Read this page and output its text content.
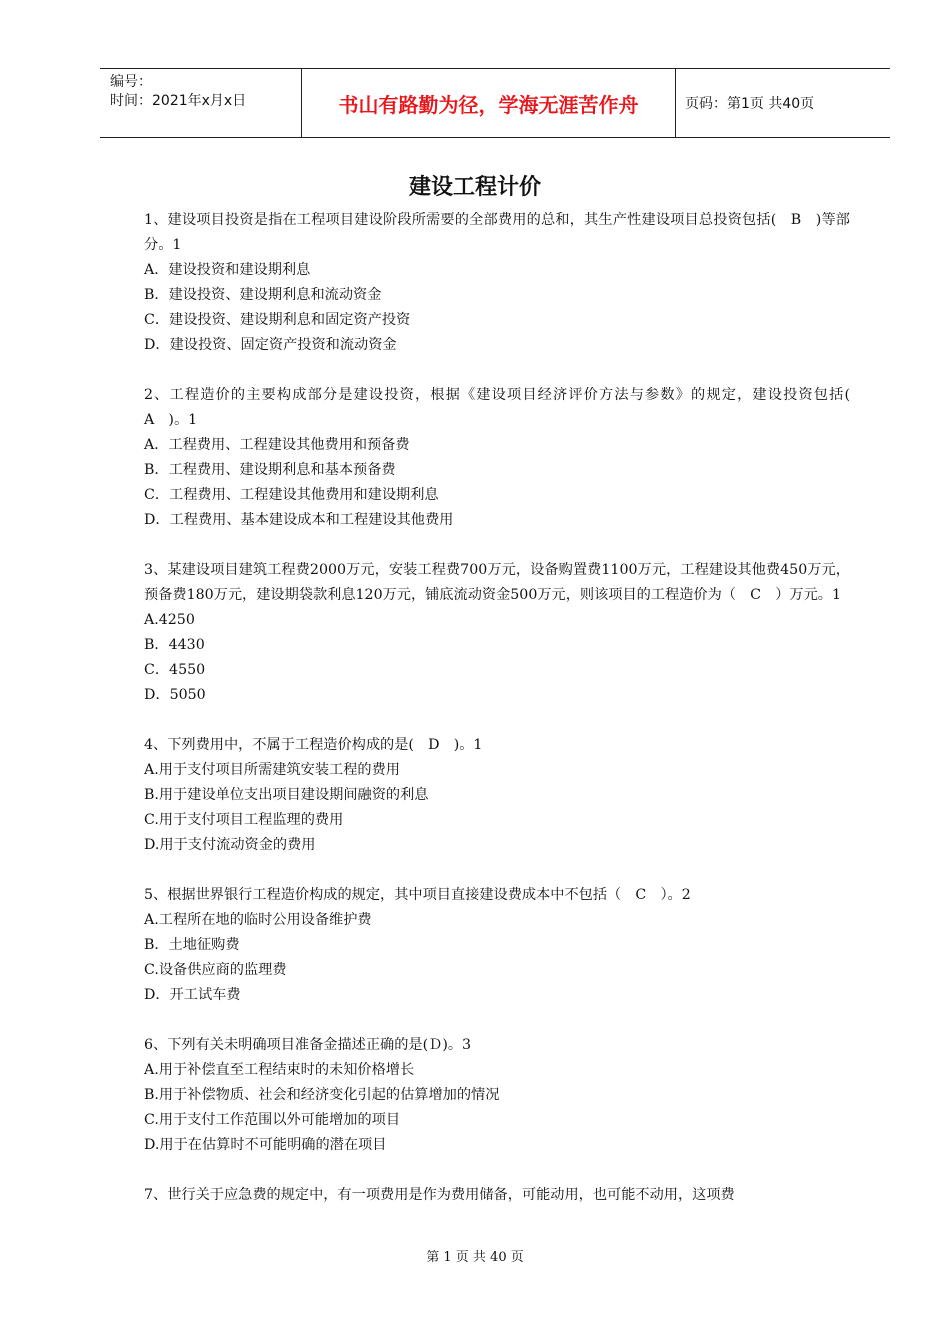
编号：
时间：2021年x月x日	书山有路勤为径，学海无涯苦作舟	页码：第1页 共40页
建设工程计价
1、建设项目投资是指在工程项目建设阶段所需要的全部费用的总和，其生产性建设项目总投资包括(　B　)等部分。1
A．建设投资和建设期利息
B．建设投资、建设期利息和流动资金
C．建设投资、建设期利息和固定资产投资
D．建设投资、固定资产投资和流动资金
2、工程造价的主要构成部分是建设投资，根据《建设项目经济评价方法与参数》的规定，建设投资包括(　A　)。1
A．工程费用、工程建设其他费用和预备费
B．工程费用、建设期利息和基本预备费
C．工程费用、工程建设其他费用和建设期利息
D．工程费用、基本建设成本和工程建设其他费用
3、某建设项目建筑工程费2000万元，安装工程费700万元，设备购置费1100万元，工程建设其他费450万元，预备费180万元，建设期袋款利息120万元，铺底流动资金500万元，则该项目的工程造价为（　C　）万元。1
A.4250
B．4430
C．4550
D．5050
4、下列费用中，不属于工程造价构成的是(　D　)。1
A.用于支付项目所需建筑安装工程的费用
B.用于建设单位支出项目建设期间融资的利息
C.用于支付项目工程监理的费用
D.用于支付流动资金的费用
5、根据世界银行工程造价构成的规定，其中项目直接建设费成本中不包括（　C　）。2
A.工程所在地的临时公用设备维护费
B．土地征购费
C.设备供应商的监理费
D．开工试车费
6、下列有关未明确项目准备金描述正确的是(Ｄ)。3
A.用于补偿直至工程结束时的未知价格增长
B.用于补偿物质、社会和经济变化引起的估算增加的情况
C.用于支付工作范围以外可能增加的项目
D.用于在估算时不可能明确的潜在项目
7、世行关于应急费的规定中，有一项费用是作为费用储备，可能动用，也可能不动用，这项费
第 1 页 共 40 页
